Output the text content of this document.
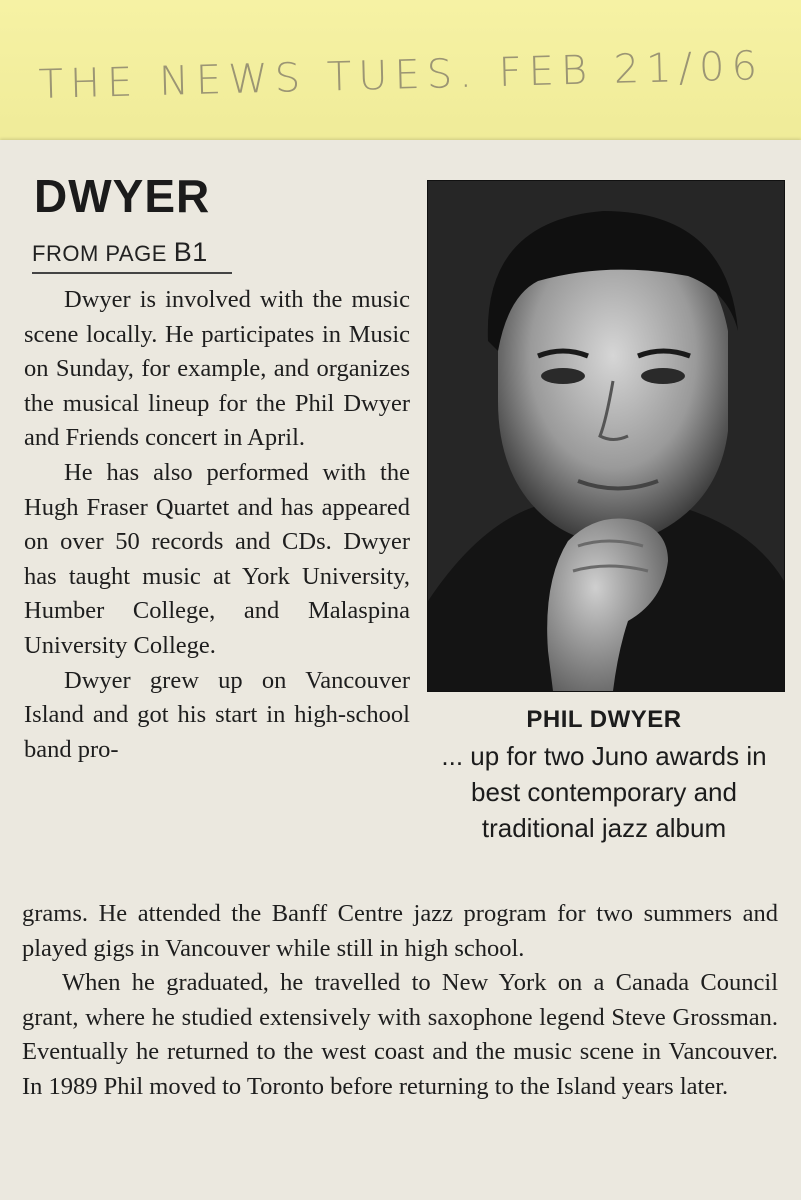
THE NEWS TUES. FEB 21/06
DWYER
FROM PAGE B1

Dwyer is involved with the music scene locally. He participates in Music on Sunday, for example, and organizes the musical lineup for the Phil Dwyer and Friends concert in April.

He has also performed with the Hugh Fraser Quartet and has appeared on over 50 records and CDs. Dwyer has taught music at York University, Humber College, and Malaspina University College.

Dwyer grew up on Vancouver Island and got his start in high-school band pro-

PHIL DWYER
... up for two Juno awards in best contemporary and traditional jazz album

grams. He attended the Banff Centre jazz program for two summers and played gigs in Vancouver while still in high school.

When he graduated, he travelled to New York on a Canada Council grant, where he studied extensively with saxophone legend Steve Grossman. Eventually he returned to the west coast and the music scene in Vancouver. In 1989 Phil moved to Toronto before returning to the Island years later.
